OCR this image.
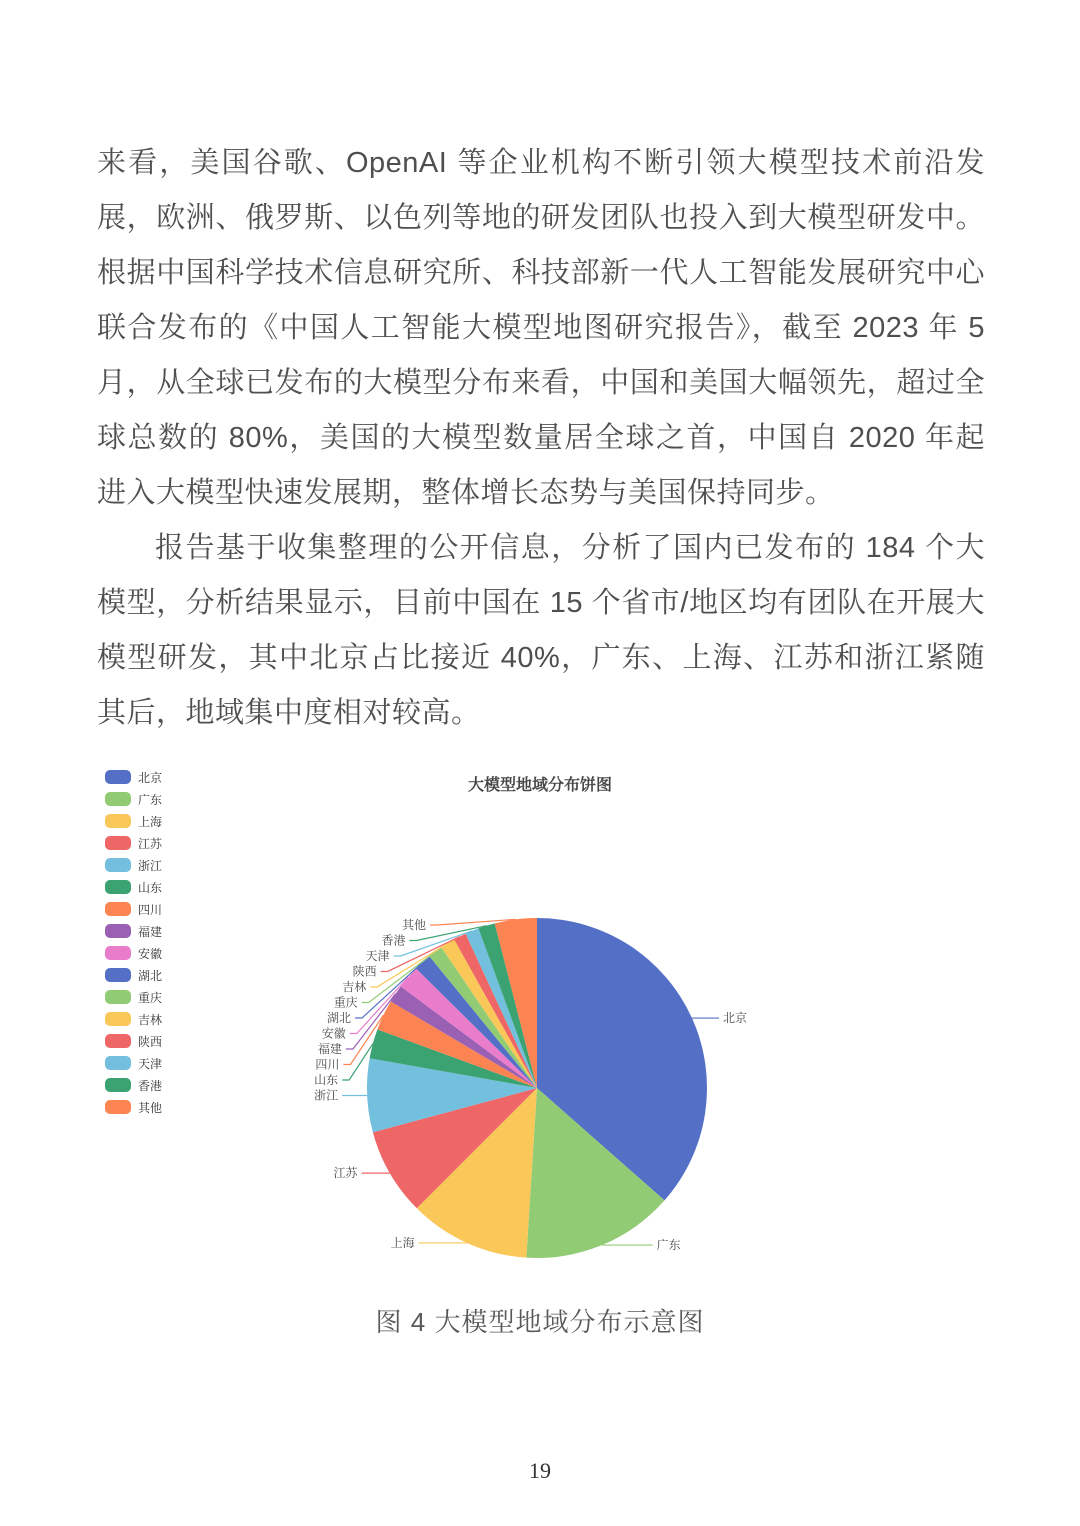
来看，美国谷歌、OpenAI 等企业机构不断引领大模型技术前沿发展，欧洲、俄罗斯、以色列等地的研发团队也投入到大模型研发中。根据中国科学技术信息研究所、科技部新一代人工智能发展研究中心联合发布的《中国人工智能大模型地图研究报告》，截至 2023 年 5 月，从全球已发布的大模型分布来看，中国和美国大幅领先，超过全球总数的 80%，美国的大模型数量居全球之首，中国自 2020 年起进入大模型快速发展期，整体增长态势与美国保持同步。

报告基于收集整理的公开信息，分析了国内已发布的 184 个大模型，分析结果显示，目前中国在 15 个省市/地区均有团队在开展大模型研发，其中北京占比接近 40%，广东、上海、江苏和浙江紧随其后，地域集中度相对较高。

大模型地域分布饼图
北京
广东
上海
江苏
浙江
山东
四川
福建
安徽
湖北
重庆
吉林
陕西
天津
香港
其他
北京
广东
上海
江苏
浙江
山东
四川
福建
安徽
湖北
重庆
吉林
陕西
天津
香港
其他
图 4 大模型地域分布示意图
19
